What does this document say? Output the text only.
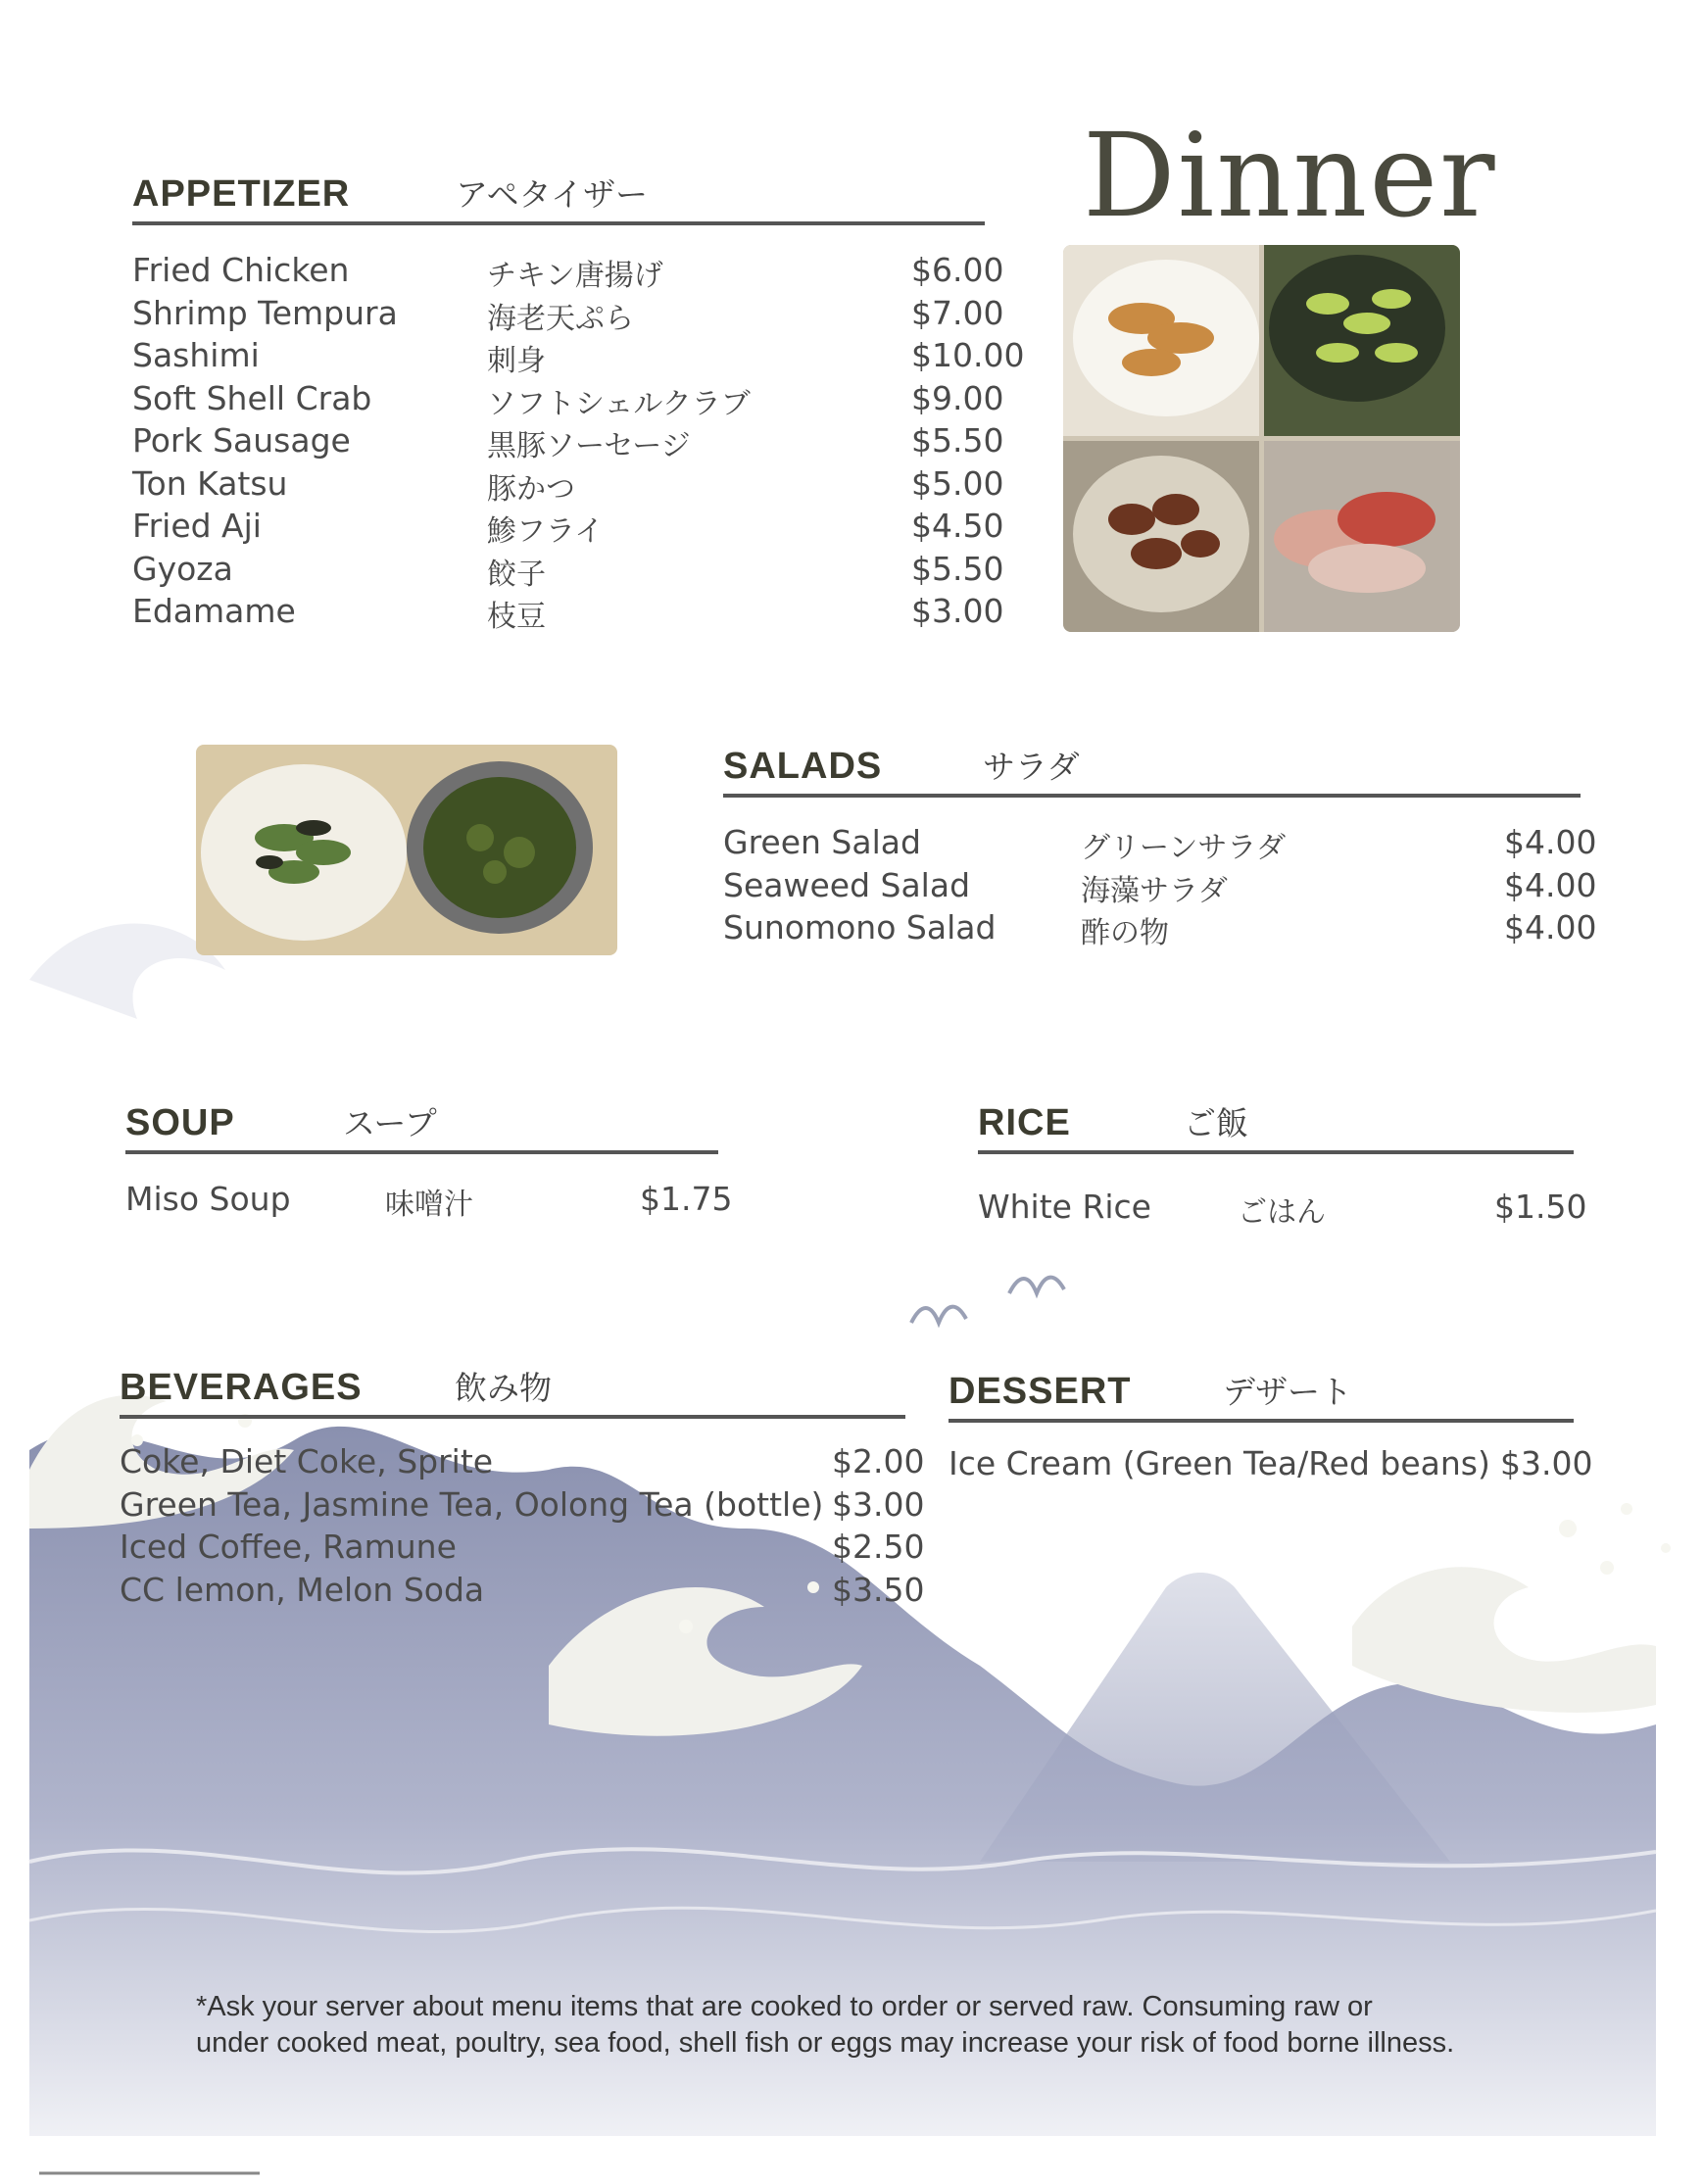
Dinner
APPETIZER	アペタイザー
Fried Chicken	チキン唐揚げ	$6.00
Shrimp Tempura	海老天ぷら	$7.00
Sashimi	刺身	$10.00
Soft Shell Crab	ソフトシェルクラブ	$9.00
Pork Sausage	黒豚ソーセージ	$5.50
Ton Katsu	豚かつ	$5.00
Fried Aji	鯵フライ	$4.50
Gyoza	餃子	$5.50
Edamame	枝豆	$3.00
SALADS	サラダ
Green Salad	グリーンサラダ	$4.00
Seaweed Salad	海藻サラダ	$4.00
Sunomono Salad	酢の物	$4.00
SOUP	スープ
Miso Soup	味噌汁	$1.75
RICE	ご飯
White Rice	ごはん	$1.50
BEVERAGES	飲み物
Coke, Diet Coke, Sprite	$2.00
Green Tea, Jasmine Tea, Oolong Tea (bottle) $3.00
Iced Coffee, Ramune	$2.50
CC lemon, Melon Soda	$3.50
DESSERT	デザート
Ice Cream (Green Tea/Red beans) $3.00
*Ask your server about menu items that are cooked to order or served raw. Consuming raw or
under cooked meat, poultry, sea food, shell fish or eggs may increase your risk of food borne illness.
